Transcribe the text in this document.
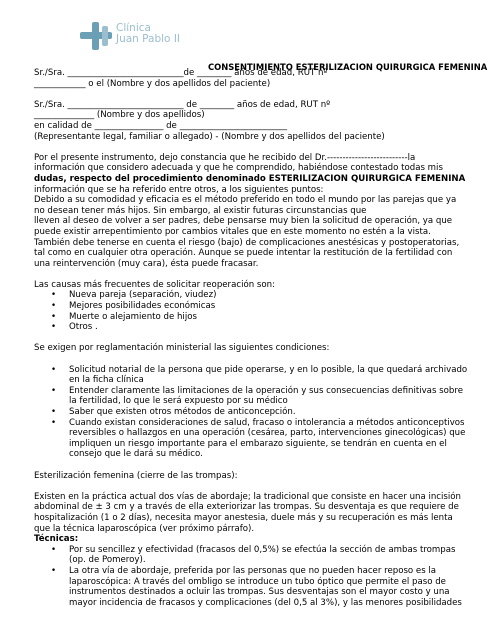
Clínica
Juan Pablo II
CONSENTIMIENTO ESTERILIZACION QUIRURGICA FEMENINA
Sr./Sra. ___________________________de ________ años de edad, RUT nº
____________ o el (Nombre y dos apellidos del paciente)
Sr./Sra. ___________________________ de ________ años de edad, RUT nº
______________ (Nombre y dos apellidos)
en calidad de ________________ de _________________________
(Representante legal, familiar o allegado) - (Nombre y dos apellidos del paciente)
Por el presente instrumento, dejo constancia que he recibido del Dr.--------------------------la
información que considero adecuada y que he comprendido, habiéndose contestado todas mis
dudas, respecto del procedimiento denominado ESTERILIZACION QUIRURGICA FEMENINA
información que se ha referido entre otros, a los siguientes puntos:
Debido a su comodidad y eficacia es el método preferido en todo el mundo por las parejas que ya
no desean tener más hijos. Sin embargo, al existir futuras circunstancias que
lleven al deseo de volver a ser padres, debe pensarse muy bien la solicitud de operación, ya que
puede existir arrepentimiento por cambios vitales que en este momento no estén a la vista.
También debe tenerse en cuenta el riesgo (bajo) de complicaciones anestésicas y postoperatorias,
tal como en cualquier otra operación. Aunque se puede intentar la restitución de la fertilidad con
una reintervención (muy cara), ésta puede fracasar.
Las causas más frecuentes de solicitar reoperación son:
• Nueva pareja (separación, viudez)
• Mejores posibilidades económicas
• Muerte o alejamiento de hijos
• Otros .
Se exigen por reglamentación ministerial las siguientes condiciones:
• Solicitud notarial de la persona que pide operarse, y en lo posible, la que quedará archivado
en la ficha clínica
• Entender claramente las limitaciones de la operación y sus consecuencias definitivas sobre
la fertilidad, lo que le será expuesto por su médico
• Saber que existen otros métodos de anticoncepción.
• Cuando existan consideraciones de salud, fracaso o intolerancia a métodos anticonceptivos
reversibles o hallazgos en una operación (cesárea, parto, intervenciones ginecológicas) que
impliquen un riesgo importante para el embarazo siguiente, se tendrán en cuenta en el
consejo que le dará su médico.
Esterilización femenina (cierre de las trompas):
Existen en la práctica actual dos vías de abordaje; la tradicional que consiste en hacer una incisión
abdominal de ± 3 cm y a través de ella exteriorizar las trompas. Su desventaja es que requiere de
hospitalización (1 o 2 días), necesita mayor anestesia, duele más y su recuperación es más lenta
que la técnica laparoscópica (ver próximo párrafo).
Técnicas:
• Por su sencillez y efectividad (fracasos del 0,5%) se efectúa la sección de ambas trompas
(op. de Pomeroy).
• La otra vía de abordaje, preferida por las personas que no pueden hacer reposo es la
laparoscópica: A través del ombligo se introduce un tubo óptico que permite el paso de
instrumentos destinados a ocluir las trompas. Sus desventajas son el mayor costo y una
mayor incidencia de fracasos y complicaciones (del 0,5 al 3%), y las menores posibilidades
